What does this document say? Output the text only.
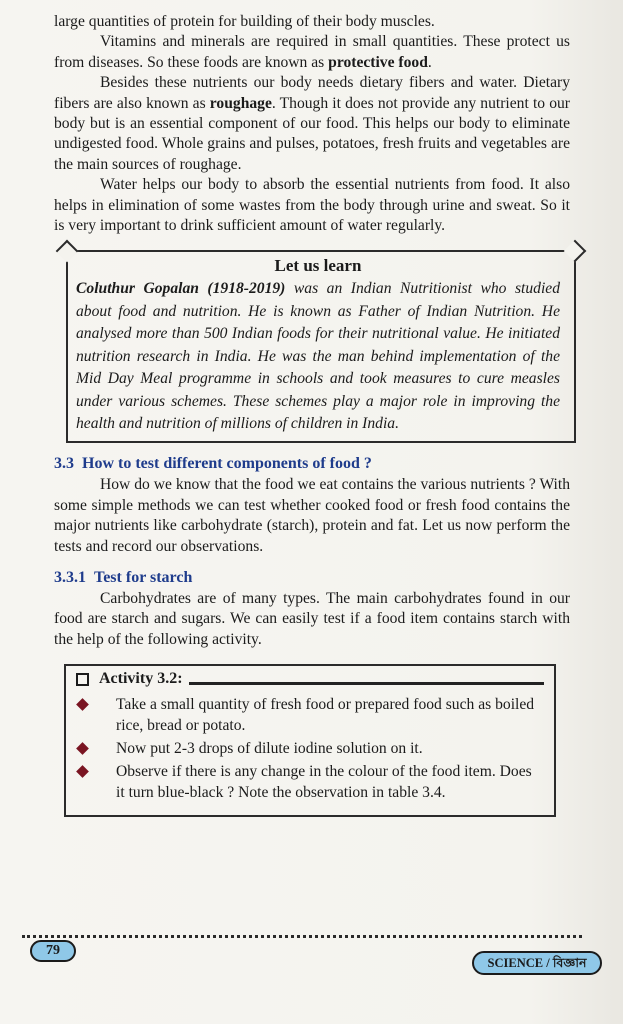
large quantities of protein for building of their body muscles.

Vitamins and minerals are required in small quantities. These protect us from diseases. So these foods are known as protective food.

Besides these nutrients our body needs dietary fibers and water. Dietary fibers are also known as roughage. Though it does not provide any nutrient to our body but is an essential component of our food. This helps our body to eliminate undigested food. Whole grains and pulses, potatoes, fresh fruits and vegetables are the main sources of roughage.

Water helps our body to absorb the essential nutrients from food. It also helps in elimination of some wastes from the body through urine and sweat. So it is very important to drink sufficient amount of water regularly.

Let us learn

Coluthur Gopalan (1918-2019) was an Indian Nutritionist who studied about food and nutrition. He is known as Father of Indian Nutrition. He analysed more than 500 Indian foods for their nutritional value. He initiated nutrition research in India. He was the man behind implementation of the Mid Day Meal programme in schools and took measures to cure measles under various schemes. These schemes play a major role in improving the health and nutrition of millions of children in India.

3.3 How to test different components of food ?

How do we know that the food we eat contains the various nutrients ? With some simple methods we can test whether cooked food or fresh food contains the major nutrients like carbohydrate (starch), protein and fat. Let us now perform the tests and record our observations.

3.3.1 Test for starch

Carbohydrates are of many types. The main carbohydrates found in our food are starch and sugars. We can easily test if a food item contains starch with the help of the following activity.

Activity 3.2:
Take a small quantity of fresh food or prepared food such as boiled rice, bread or potato.
Now put 2-3 drops of dilute iodine solution on it.
Observe if there is any change in the colour of the food item. Does it turn blue-black ? Note the observation in table 3.4.
79
SCIENCE / বিজ্ঞান
